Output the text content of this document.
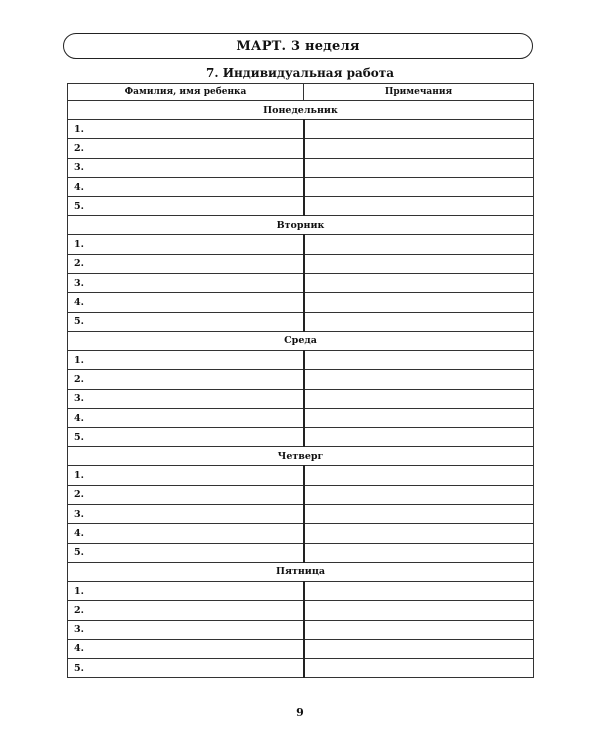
МАРТ. 3 неделя
7. Индивидуальная работа
Фамилия, имя ребенка	Примечания
Понедельник	
1.	
2.	
3.	
4.	
5.	
Вторник	
1.	
2.	
3.	
4.	
5.	
Среда	
1.	
2.	
3.	
4.	
5.	
Четверг	
1.	
2.	
3.	
4.	
5.	
Пятница	
1.	
2.	
3.	
4.	
5.	
9
